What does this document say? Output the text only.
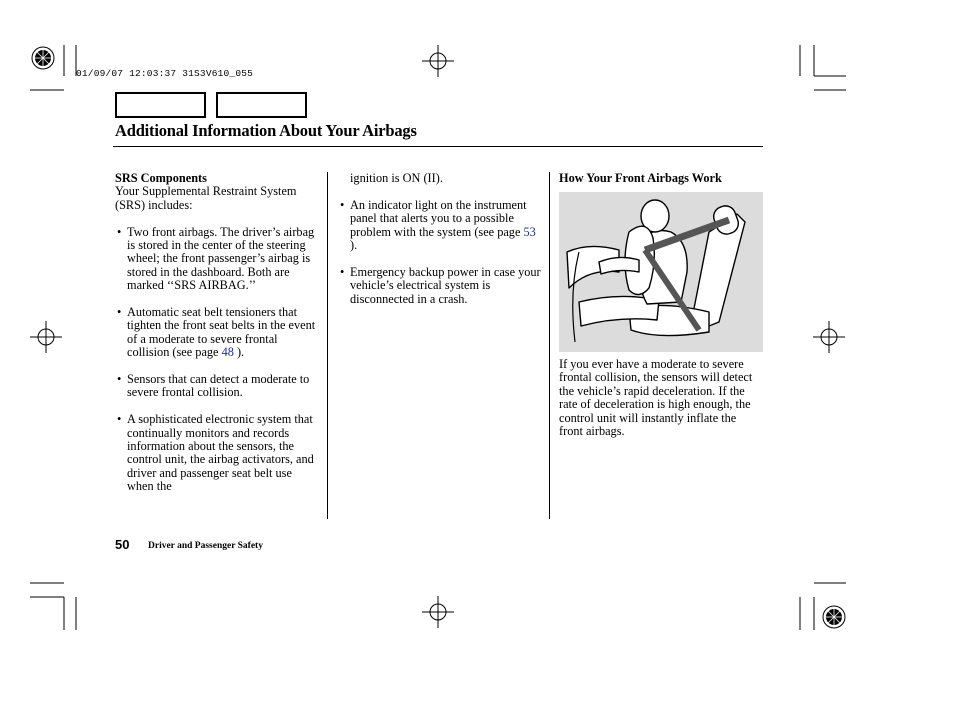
01/09/07 12:03:37 31S3V610_055
Additional Information About Your Airbags
SRS Components
Your Supplemental Restraint System (SRS) includes:
• Two front airbags. The driver’s airbag is stored in the center of the steering wheel; the front passenger’s airbag is stored in the dashboard. Both are marked ‘‘SRS AIRBAG.’’
• Automatic seat belt tensioners that tighten the front seat belts in the event of a moderate to severe frontal collision (see page 48 ).
• Sensors that can detect a moderate to severe frontal collision.
• A sophisticated electronic system that continually monitors and records information about the sensors, the control unit, the airbag activators, and driver and passenger seat belt use when the
ignition is ON (II).
• An indicator light on the instrument panel that alerts you to a possible problem with the system (see page 53 ).
• Emergency backup power in case your vehicle’s electrical system is disconnected in a crash.
How Your Front Airbags Work
If you ever have a moderate to severe frontal collision, the sensors will detect the vehicle’s rapid deceleration. If the rate of deceleration is high enough, the control unit will instantly inflate the front airbags.
50 Driver and Passenger Safety
